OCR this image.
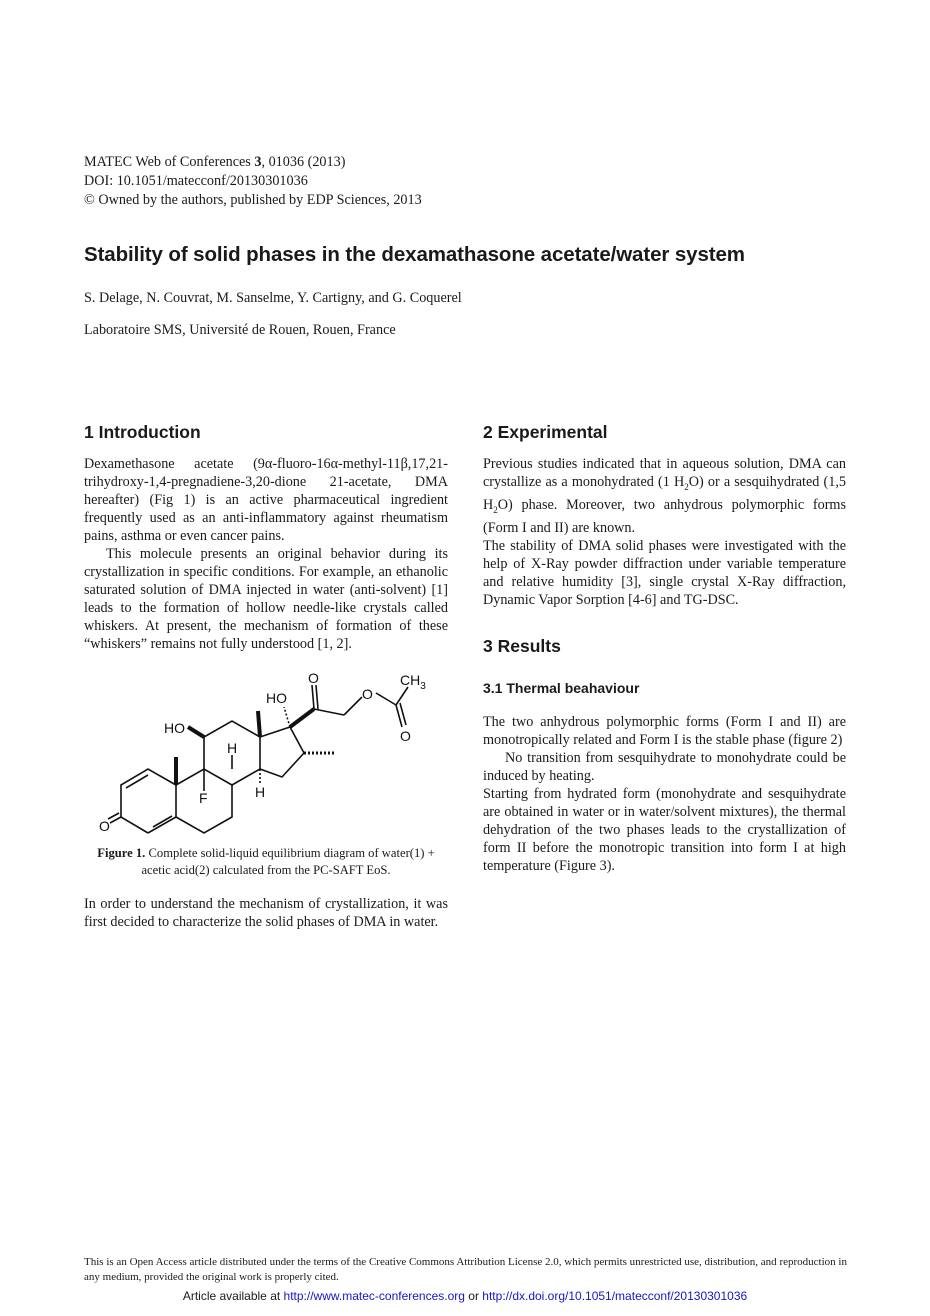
MATEC Web of Conferences 3, 01036 (2013)
DOI: 10.1051/matecconf/20130301036
© Owned by the authors, published by EDP Sciences, 2013
Stability of solid phases in the dexamathasone acetate/water system
S. Delage, N. Couvrat, M. Sanselme, Y. Cartigny, and G. Coquerel
Laboratoire SMS, Université de Rouen, Rouen, France
1 Introduction

Dexamethasone acetate (9α-fluoro-16α-methyl-11β,17,21-trihydroxy-1,4-pregnadiene-3,20-dione 21-acetate, DMA hereafter) (Fig 1) is an active pharmaceutical ingredient frequently used as an anti-inflammatory against rheumatism pains, asthma or even cancer pains.

This molecule presents an original behavior during its crystallization in specific conditions. For example, an ethanolic saturated solution of DMA injected in water (anti-solvent) [1] leads to the formation of hollow needle-like crystals called whiskers. At present, the mechanism of formation of these “whiskers” remains not fully understood [1, 2].

HO
HO
O
O
$CH_3$
O
H
H
F
O
Figure 1. Complete solid-liquid equilibrium diagram of water(1) + acetic acid(2) calculated from the PC-SAFT EoS.

In order to understand the mechanism of crystallization, it was first decided to characterize the solid phases of DMA in water.

2 Experimental

Previous studies indicated that in aqueous solution, DMA can crystallize as a monohydrated (1 $H_2O$) or a sesquihydrated (1,5 $H_2O$) phase. Moreover, two anhydrous polymorphic forms (Form I and II) are known.

The stability of DMA solid phases were investigated with the help of X-Ray powder diffraction under variable temperature and relative humidity [3], single crystal X-Ray diffraction, Dynamic Vapor Sorption [4-6] and TG-DSC.

3 Results
3.1 Thermal beahaviour

The two anhydrous polymorphic forms (Form I and II) are monotropically related and Form I is the stable phase (figure 2)

No transition from sesquihydrate to monohydrate could be induced by heating.

Starting from hydrated form (monohydrate and sesquihydrate are obtained in water or in water/solvent mixtures), the thermal dehydration of the two phases leads to the crystallization of form II before the monotropic transition into form I at high temperature (Figure 3).

This is an Open Access article distributed under the terms of the Creative Commons Attribution License 2.0, which permits unrestricted use, distribution, and reproduction in any medium, provided the original work is properly cited.
Article available at http://www.matec-conferences.org or http://dx.doi.org/10.1051/matecconf/20130301036
